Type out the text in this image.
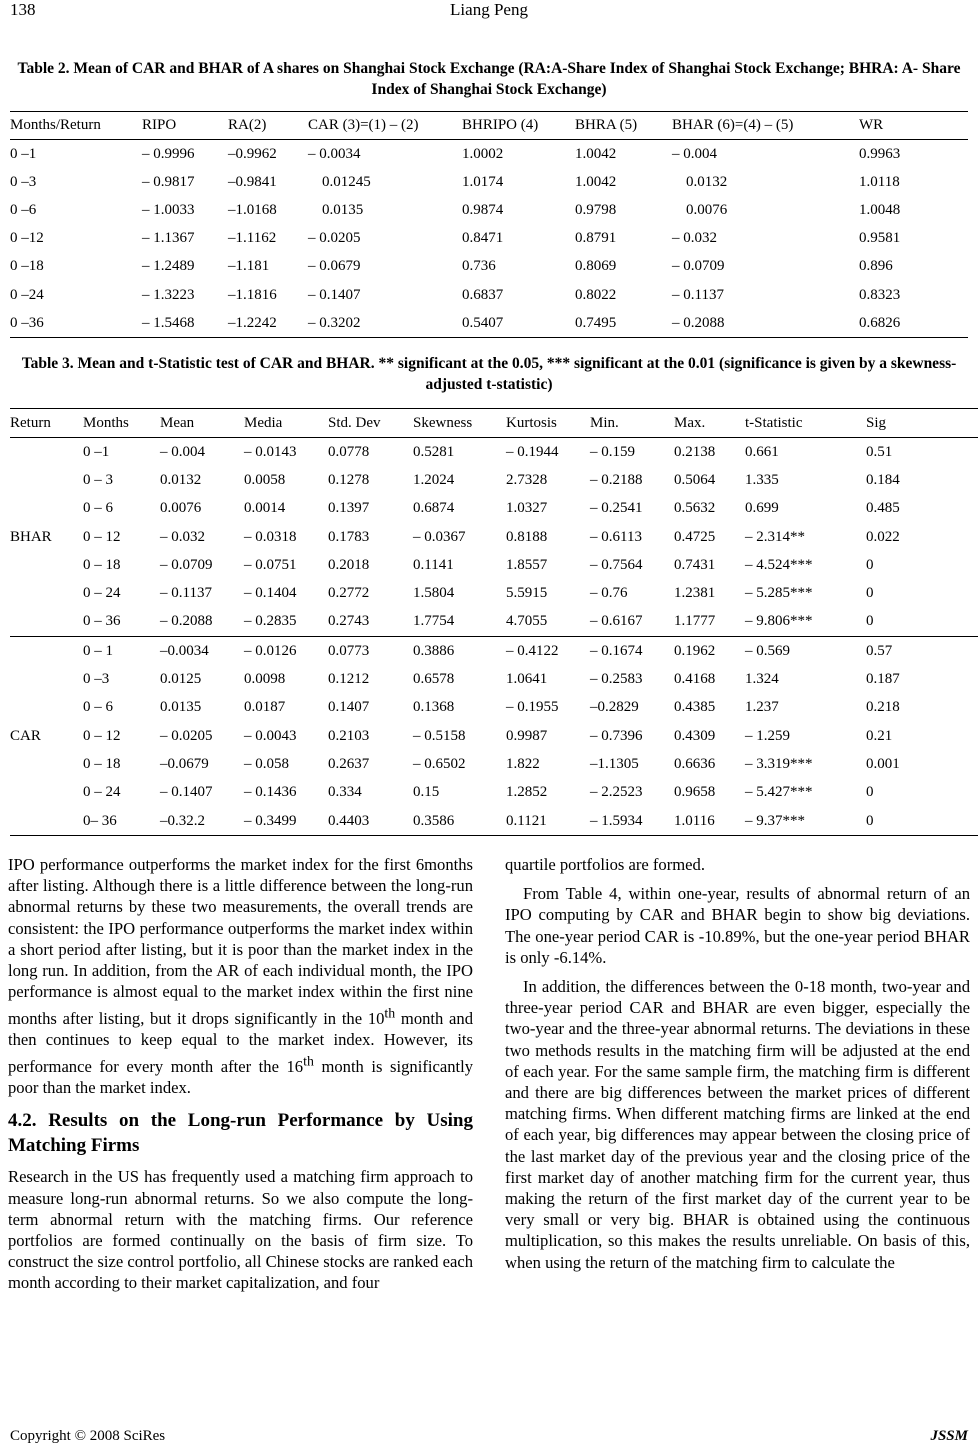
138	Liang Peng
Table 2. Mean of CAR and BHAR of A shares on Shanghai Stock Exchange (RA:A-Share Index of Shanghai Stock Exchange; BHRA: A- Share Index of Shanghai Stock Exchange)
Months/Return	RIPO	RA(2)	CAR (3)=(1) – (2)	BHRIPO (4)	BHRA (5)	BHAR (6)=(4) – (5)	WR
0 –1	– 0.9996	–0.9962	– 0.0034	1.0002	1.0042	– 0.004	0.9963
0 –3	– 0.9817	–0.9841	0.01245	1.0174	1.0042	0.0132	1.0118
0 –6	– 1.0033	–1.0168	0.0135	0.9874	0.9798	0.0076	1.0048
0 –12	– 1.1367	–1.1162	– 0.0205	0.8471	0.8791	– 0.032	0.9581
0 –18	– 1.2489	–1.181	– 0.0679	0.736	0.8069	– 0.0709	0.896
0 –24	– 1.3223	–1.1816	– 0.1407	0.6837	0.8022	– 0.1137	0.8323
0 –36	– 1.5468	–1.2242	– 0.3202	0.5407	0.7495	– 0.2088	0.6826
Table 3. Mean and t-Statistic test of CAR and BHAR. ** significant at the 0.05, *** significant at the 0.01 (significance is given by a skewness-adjusted t-statistic)
Return	Months	Mean	Media	Std. Dev	Skewness	Kurtosis	Min.	Max.	t-Statistic	Sig
BHAR	0 –1	– 0.004	– 0.0143	0.0778	0.5281	– 0.1944	– 0.159	0.2138	0.661	0.51
	0 – 3	0.0132	0.0058	0.1278	1.2024	2.7328	– 0.2188	0.5064	1.335	0.184
	0 – 6	0.0076	0.0014	0.1397	0.6874	1.0327	– 0.2541	0.5632	0.699	0.485
	0 – 12	– 0.032	– 0.0318	0.1783	– 0.0367	0.8188	– 0.6113	0.4725	– 2.314**	0.022
	0 – 18	– 0.0709	– 0.0751	0.2018	0.1141	1.8557	– 0.7564	0.7431	– 4.524***	0
	0 – 24	– 0.1137	– 0.1404	0.2772	1.5804	5.5915	– 0.76	1.2381	– 5.285***	0
	0 – 36	– 0.2088	– 0.2835	0.2743	1.7754	4.7055	– 0.6167	1.1777	– 9.806***	0
CAR	0 – 1	–0.0034	– 0.0126	0.0773	0.3886	– 0.4122	– 0.1674	0.1962	– 0.569	0.57
	0 –3	0.0125	0.0098	0.1212	0.6578	1.0641	– 0.2583	0.4168	1.324	0.187
	0 – 6	0.0135	0.0187	0.1407	0.1368	– 0.1955	–0.2829	0.4385	1.237	0.218
	0 – 12	– 0.0205	– 0.0043	0.2103	– 0.5158	0.9987	– 0.7396	0.4309	– 1.259	0.21
	0 – 18	–0.0679	– 0.058	0.2637	– 0.6502	1.822	–1.1305	0.6636	– 3.319***	0.001
	0 – 24	– 0.1407	– 0.1436	0.334	0.15	1.2852	– 2.2523	0.9658	– 5.427***	0
	0– 36	–0.32.2	– 0.3499	0.4403	0.3586	0.1121	– 1.5934	1.0116	– 9.37***	0

IPO performance outperforms the market index for the first 6months after listing. Although there is a little difference between the long-run abnormal returns by these two measurements, the overall trends are consistent: the IPO performance outperforms the market index within a short period after listing, but it is poor than the market index in the long run. In addition, from the AR of each individual month, the IPO performance is almost equal to the market index within the first nine months after listing, but it drops significantly in the 10th month and then continues to keep equal to the market index. However, its performance for every month after the 16th month is significantly poor than the market index.

4.2. Results on the Long-run Performance by Using Matching Firms

Research in the US has frequently used a matching firm approach to measure long-run abnormal returns. So we also compute the long-term abnormal return with the matching firms. Our reference portfolios are formed continually on the basis of firm size. To construct the size control portfolio, all Chinese stocks are ranked each month according to their market capitalization, and four

quartile portfolios are formed.

From Table 4, within one-year, results of abnormal return of an IPO computing by CAR and BHAR begin to show big deviations. The one-year period CAR is -10.89%, but the one-year period BHAR is only -6.14%.

In addition, the differences between the 0-18 month, two-year and three-year period CAR and BHAR are even bigger, especially the two-year and the three-year abnormal returns. The deviations in these two methods results in the matching firm will be adjusted at the end of each year. For the same sample firm, the matching firm is different and there are big differences between the market prices of different matching firms. When different matching firms are linked at the end of each year, big differences may appear between the closing price of the last market day of the previous year and the closing price of the first market day of another matching firm for the current year, thus making the return of the first market day of the current year to be very small or very big. BHAR is obtained using the continuous multiplication, so this makes the results unreliable. On basis of this, when using the return of the matching firm to calculate the

Copyright © 2008 SciRes	JSSM
